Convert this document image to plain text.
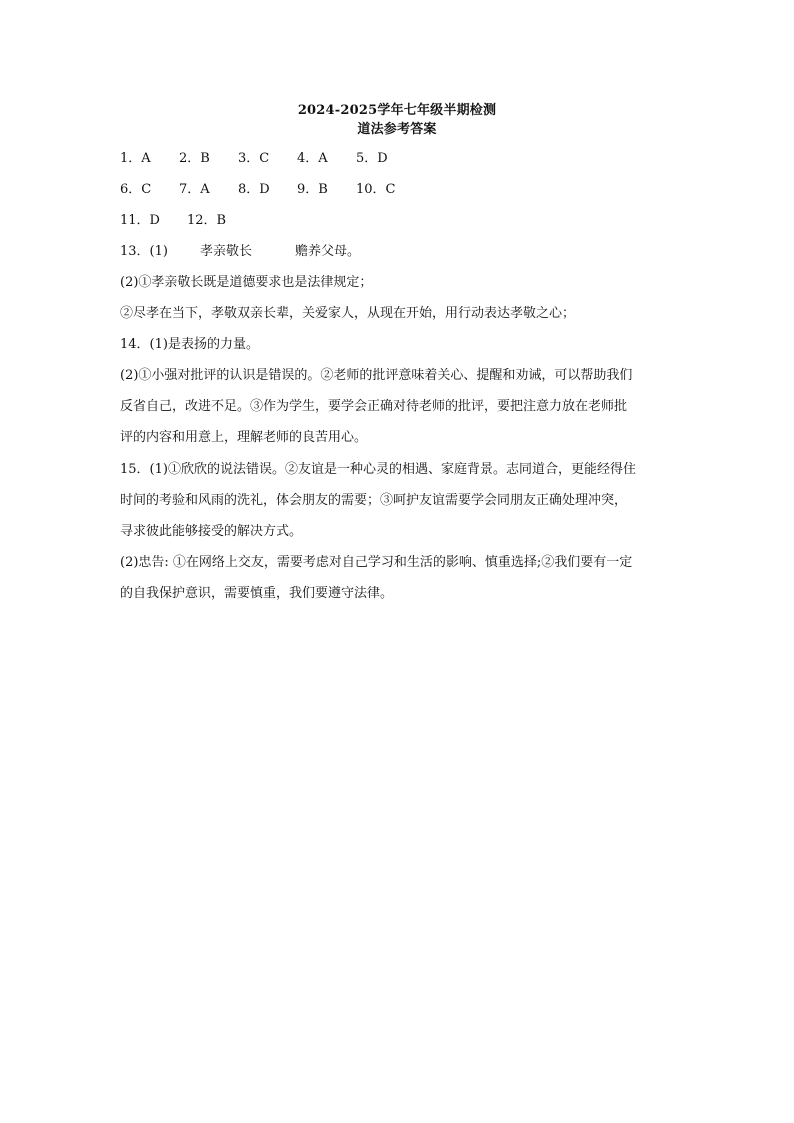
2024-2025学年七年级半期检测
道法参考答案
1．A 2．B 3．C 4．A 5．D
6．C 7．A 8．D 9．B 10．C
11．D 12．B
13．(1) 孝亲敬长	赡养父母。
(2)①孝亲敬长既是道德要求也是法律规定；
②尽孝在当下，孝敬双亲长辈，关爱家人，从现在开始，用行动表达孝敬之心；
14．(1)是表扬的力量。
(2)①小强对批评的认识是错误的。②老师的批评意味着关心、提醒和劝诫，可以帮助我们
反省自己，改进不足。③作为学生，要学会正确对待老师的批评，要把注意力放在老师批
评的内容和用意上，理解老师的良苦用心。
15．(1)①欣欣的说法错误。②友谊是一种心灵的相遇、家庭背景。志同道合，更能经得住
时间的考验和风雨的洗礼，体会朋友的需要；③呵护友谊需要学会同朋友正确处理冲突，
寻求彼此能够接受的解决方式。
(2)忠告: ①在网络上交友，需要考虑对自己学习和生活的影响、慎重选择;②我们要有一定
的自我保护意识，需要慎重，我们要遵守法律。
